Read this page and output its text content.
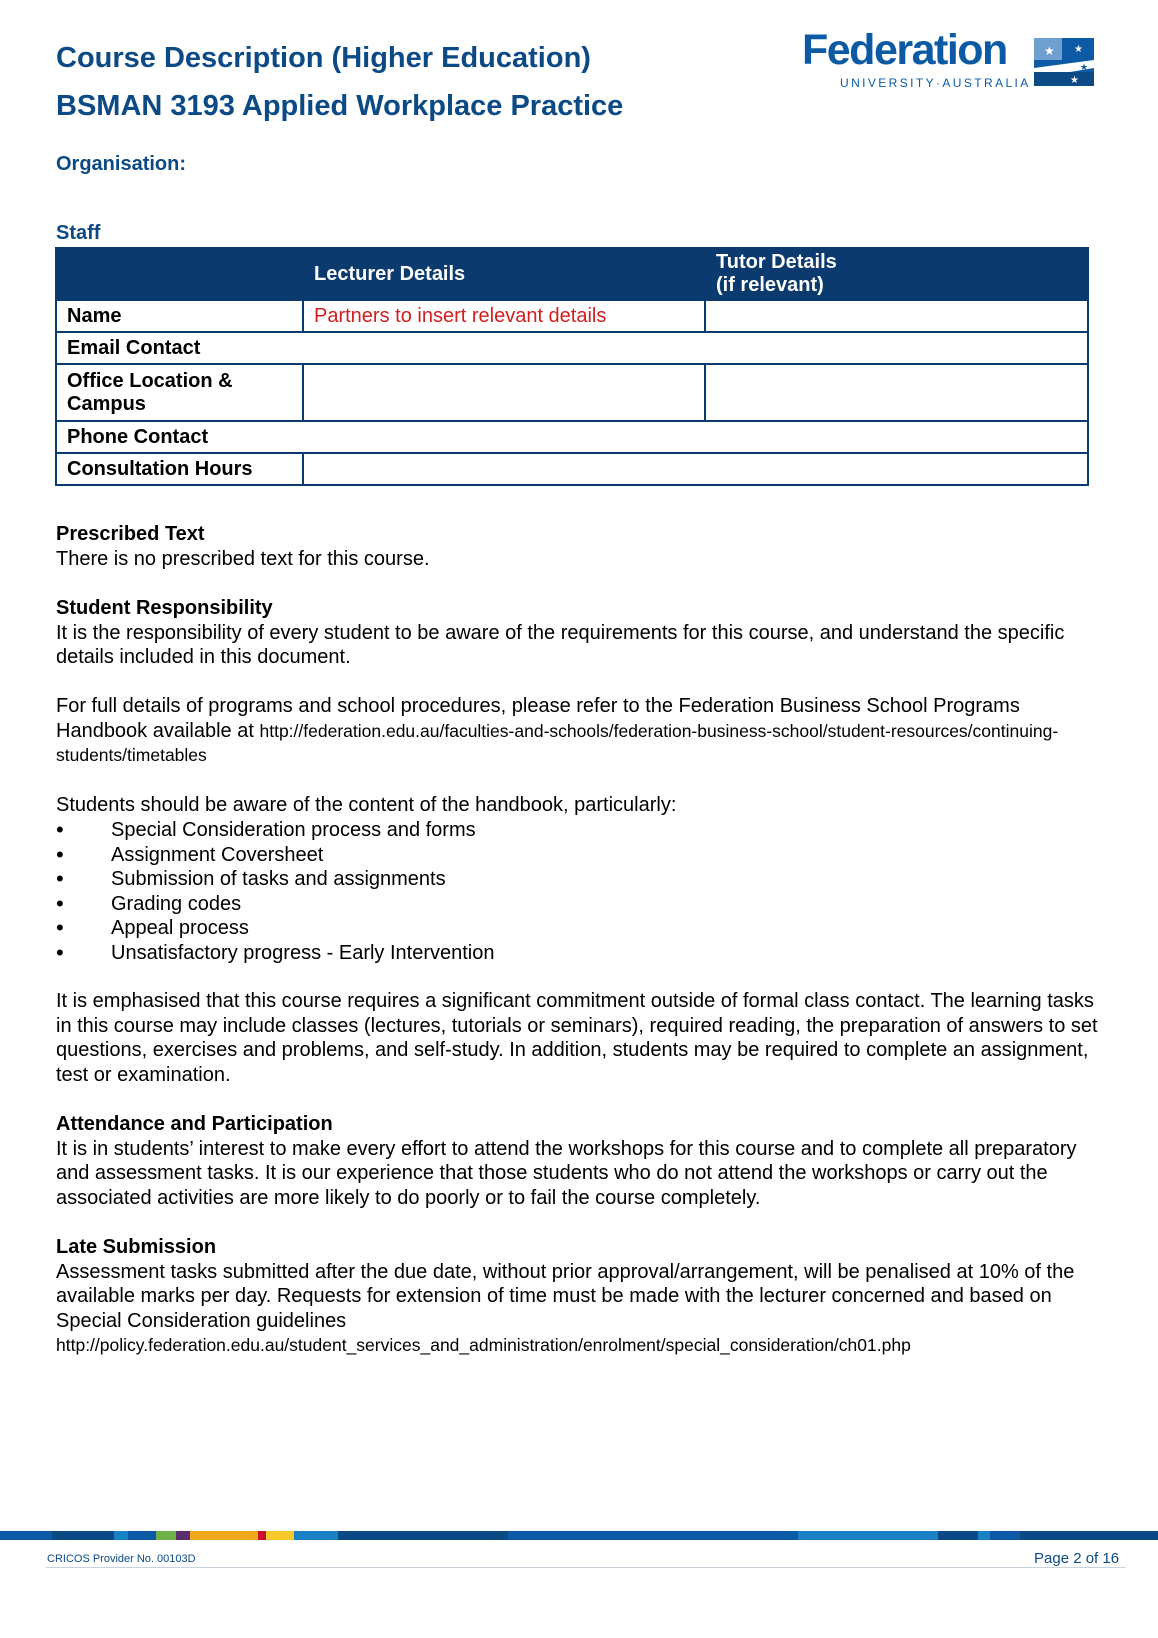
Course Description (Higher Education)
BSMAN 3193 Applied Workplace Practice
Federation
UNIVERSITY·AUSTRALIA
★ ★
★
★

Organisation:

Staff

	Lecturer Details	Tutor Details
(if relevant)
Name	Partners to insert relevant details	
Email Contact		
Office Location &
Campus		
Phone Contact		
Consultation Hours		
Prescribed Text
There is no prescribed text for this course.
Student Responsibility
It is the responsibility of every student to be aware of the requirements for this course, and understand the specific details included in this document.
For full details of programs and school procedures, please refer to the Federation Business School Programs Handbook available at http://federation.edu.au/faculties-and-schools/federation-business-school/student-resources/continuing-students/timetables

Students should be aware of the content of the handbook, particularly:

• Special Consideration process and forms
• Assignment Coversheet
• Submission of tasks and assignments
• Grading codes
• Appeal process
• Unsatisfactory progress - Early Intervention

It is emphasised that this course requires a significant commitment outside of formal class contact. The learning tasks in this course may include classes (lectures, tutorials or seminars), required reading, the preparation of answers to set questions, exercises and problems, and self-study. In addition, students may be required to complete an assignment, test or examination.

Attendance and Participation
It is in students’ interest to make every effort to attend the workshops for this course and to complete all preparatory and assessment tasks. It is our experience that those students who do not attend the workshops or carry out the associated activities are more likely to do poorly or to fail the course completely.
Late Submission
Assessment tasks submitted after the due date, without prior approval/arrangement, will be penalised at 10% of the available marks per day. Requests for extension of time must be made with the lecturer concerned and based on Special Consideration guidelines http://policy.federation.edu.au/student_services_and_administration/enrolment/special_consideration/ch01.php
CRICOS Provider No. 00103D	Page 2 of 16
